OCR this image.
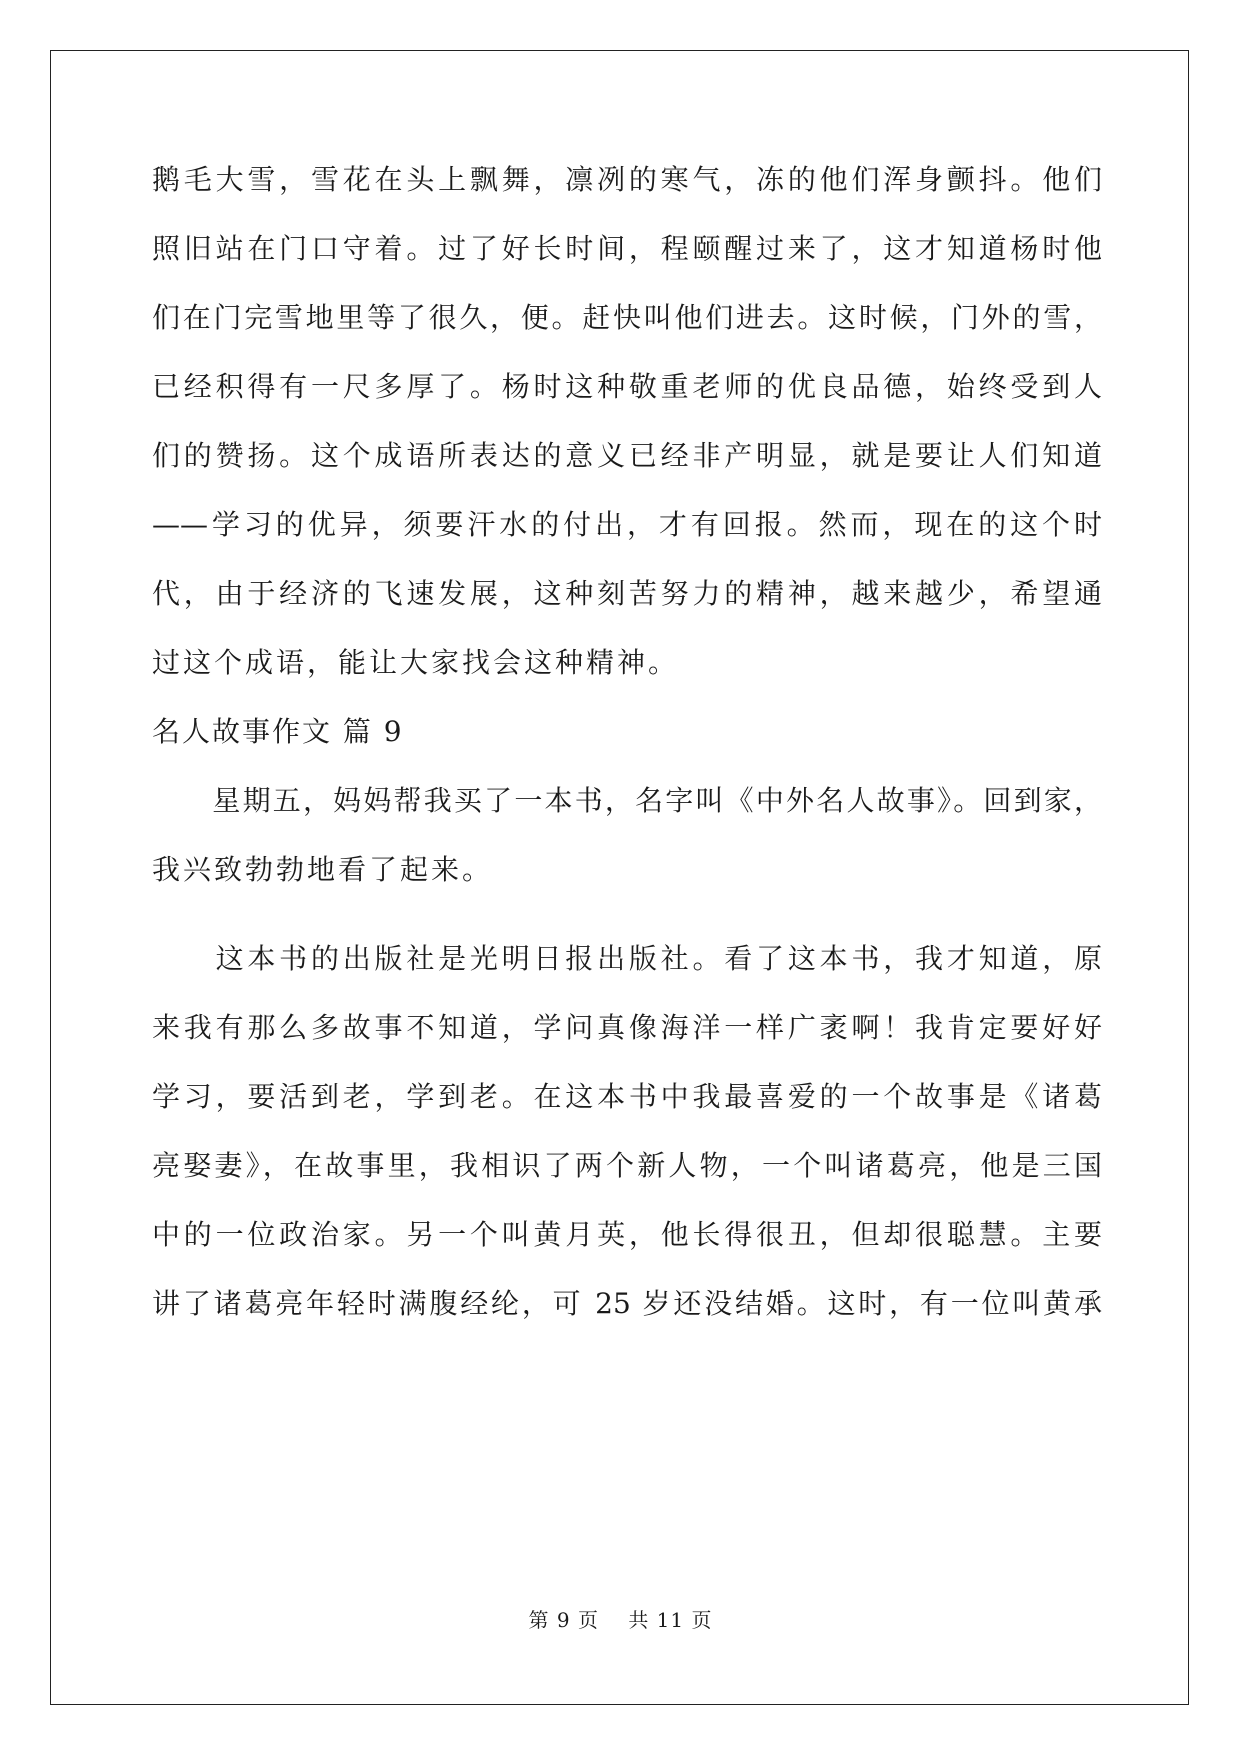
鹅毛大雪，雪花在头上飘舞，凛冽的寒气，冻的他们浑身颤抖。他们
照旧站在门口守着。过了好长时间，程颐醒过来了，这才知道杨时他
们在门完雪地里等了很久，便。赶快叫他们进去。这时候，门外的雪，
已经积得有一尺多厚了。杨时这种敬重老师的优良品德，始终受到人
们的赞扬。这个成语所表达的意义已经非产明显，就是要让人们知道
——学习的优异，须要汗水的付出，才有回报。然而，现在的这个时
代，由于经济的飞速发展，这种刻苦努力的精神，越来越少，希望通
过这个成语，能让大家找会这种精神。
名人故事作文 篇 9
　　星期五，妈妈帮我买了一本书，名字叫《中外名人故事》。回到家，
我兴致勃勃地看了起来。
　　这本书的出版社是光明日报出版社。看了这本书，我才知道，原
来我有那么多故事不知道，学问真像海洋一样广袤啊！我肯定要好好
学习，要活到老，学到老。在这本书中我最喜爱的一个故事是《诸葛
亮娶妻》，在故事里，我相识了两个新人物，一个叫诸葛亮，他是三国
中的一位政治家。另一个叫黄月英，他长得很丑，但却很聪慧。主要
讲了诸葛亮年轻时满腹经纶，可 25 岁还没结婚。这时，有一位叫黄承
第 9 页 共 11 页
